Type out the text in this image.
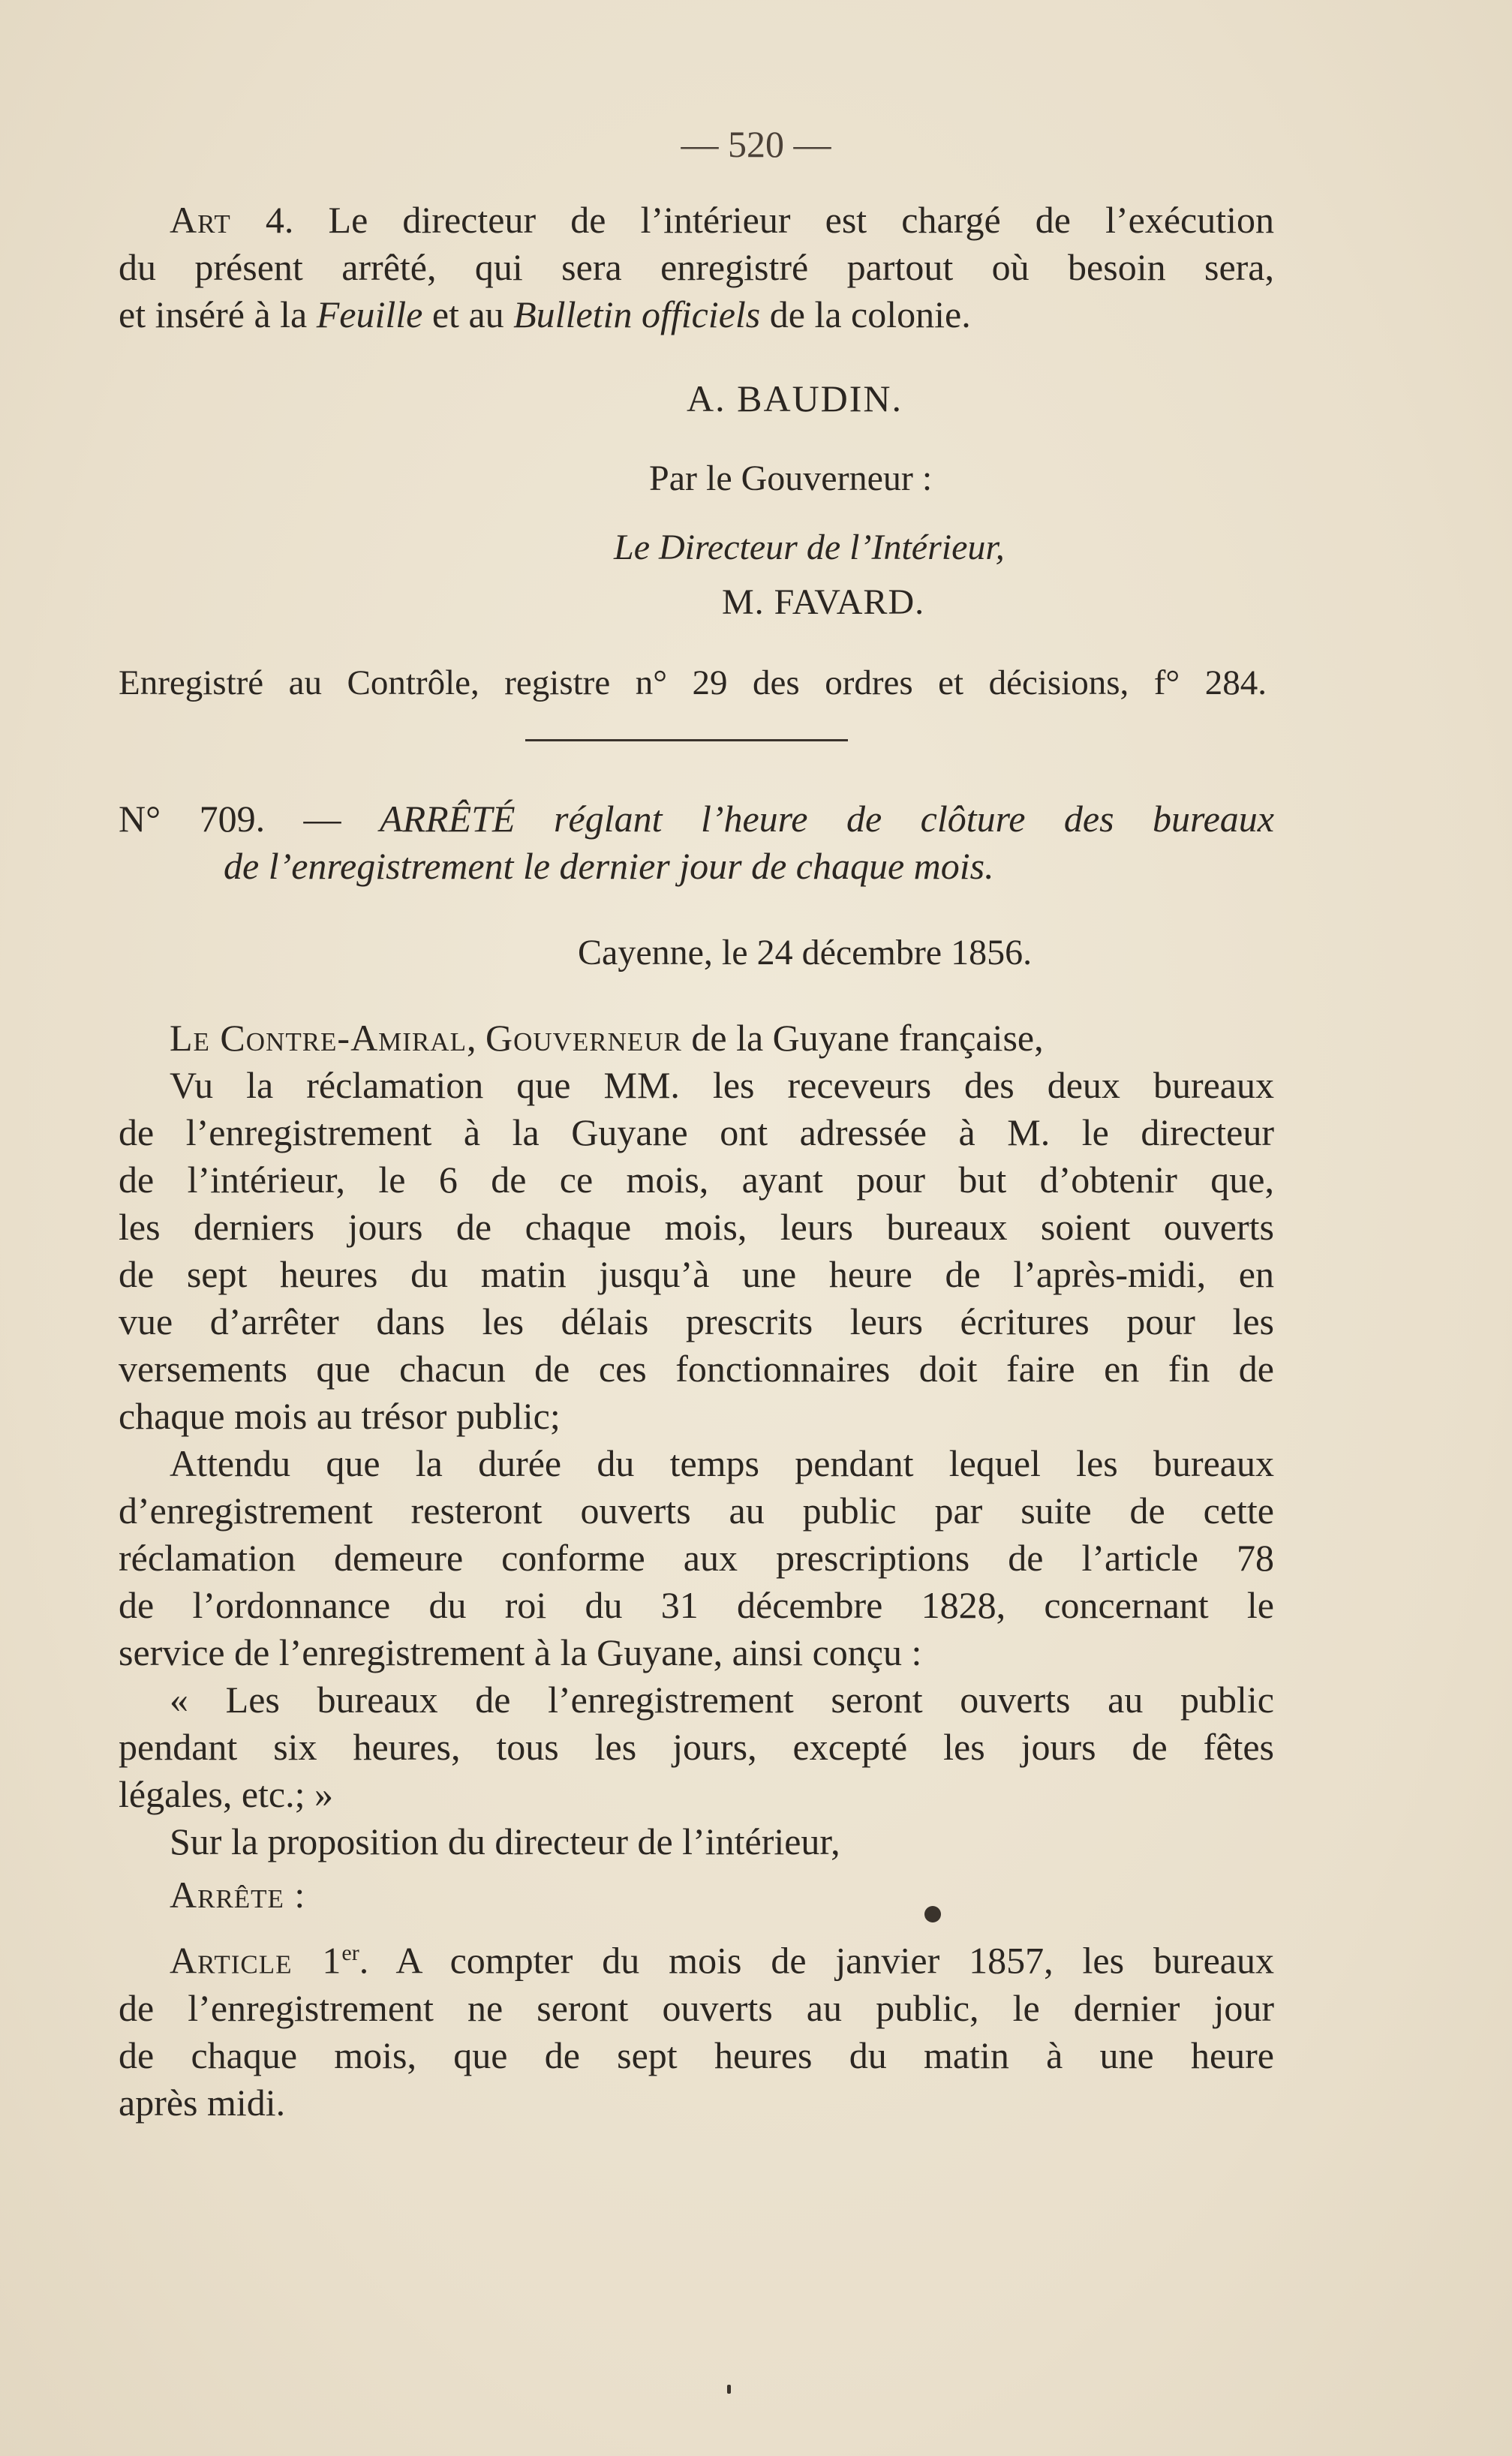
— 520 —
Art 4. Le directeur de l’intérieur est chargé de l’exécution
du présent arrêté, qui sera enregistré partout où besoin sera,
et inséré à la Feuille et au Bulletin officiels de la colonie.
A. BAUDIN.
Par le Gouverneur :
Le Directeur de l’Intérieur,
M. FAVARD.
Enregistré au Contrôle, registre n° 29 des ordres et décisions, f° 284.
N° 709. — ARRÊTÉ réglant l’heure de clôture des bureaux
de l’enregistrement le dernier jour de chaque mois.
Cayenne, le 24 décembre 1856.
Le Contre-Amiral, Gouverneur de la Guyane française,
Vu la réclamation que MM. les receveurs des deux bureaux
de l’enregistrement à la Guyane ont adressée à M. le directeur
de l’intérieur, le 6 de ce mois, ayant pour but d’obtenir que,
les derniers jours de chaque mois, leurs bureaux soient ouverts
de sept heures du matin jusqu’à une heure de l’après-midi, en
vue d’arrêter dans les délais prescrits leurs écritures pour les
versements que chacun de ces fonctionnaires doit faire en fin de
chaque mois au trésor public;
Attendu que la durée du temps pendant lequel les bureaux
d’enregistrement resteront ouverts au public par suite de cette
réclamation demeure conforme aux prescriptions de l’article 78
de l’ordonnance du roi du 31 décembre 1828, concernant le
service de l’enregistrement à la Guyane, ainsi conçu :
« Les bureaux de l’enregistrement seront ouverts au public
pendant six heures, tous les jours, excepté les jours de fêtes
légales, etc.; »
Sur la proposition du directeur de l’intérieur,
Arrête :
Article 1er. A compter du mois de janvier 1857, les bureaux
de l’enregistrement ne seront ouverts au public, le dernier jour
de chaque mois, que de sept heures du matin à une heure
après midi.
